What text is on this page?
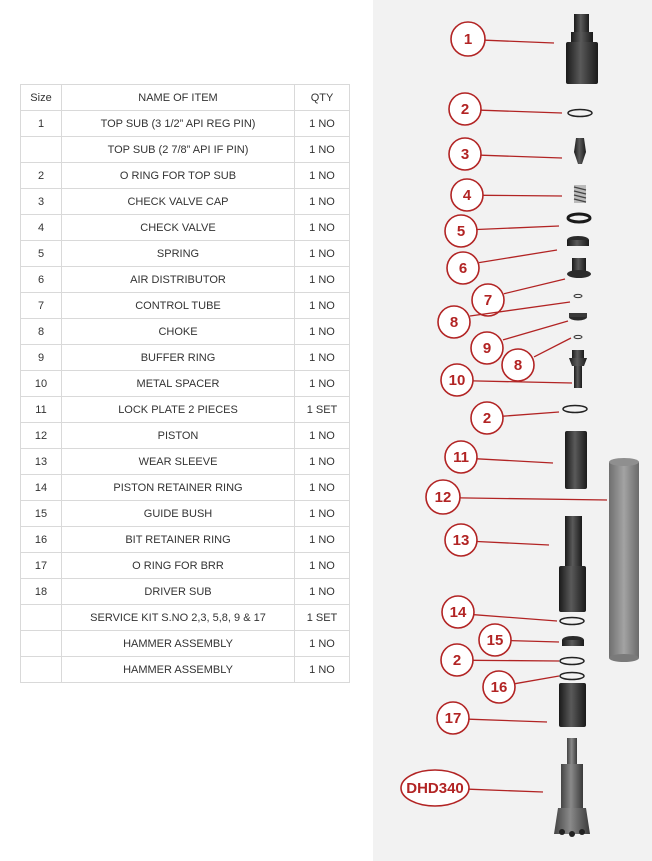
Size	NAME OF ITEM	QTY
1	TOP SUB (3 1/2” API REG PIN)	1 NO
	TOP SUB (2 7/8” API IF PIN)	1 NO
2	O RING FOR TOP SUB	1 NO
3	CHECK VALVE CAP	1 NO
4	CHECK VALVE	1 NO
5	SPRING	1 NO
6	AIR DISTRIBUTOR	1 NO
7	CONTROL TUBE	1 NO
8	CHOKE	1 NO
9	BUFFER RING	1 NO
10	METAL SPACER	1 NO
11	LOCK PLATE 2 PIECES	1 SET
12	PISTON	1 NO
13	WEAR SLEEVE	1 NO
14	PISTON RETAINER RING	1 NO
15	GUIDE BUSH	1 NO
16	BIT RETAINER RING	1 NO
17	O RING FOR BRR	1 NO
18	DRIVER SUB	1 NO
	SERVICE KIT S.NO 2,3, 5,8, 9 & 17	1 SET
	HAMMER ASSEMBLY	1 NO
	HAMMER ASSEMBLY	1 NO
1
2
3
4
5
6
7
8
9
8
10
2
11
12
13
14
15
2
16
17
DHD340
